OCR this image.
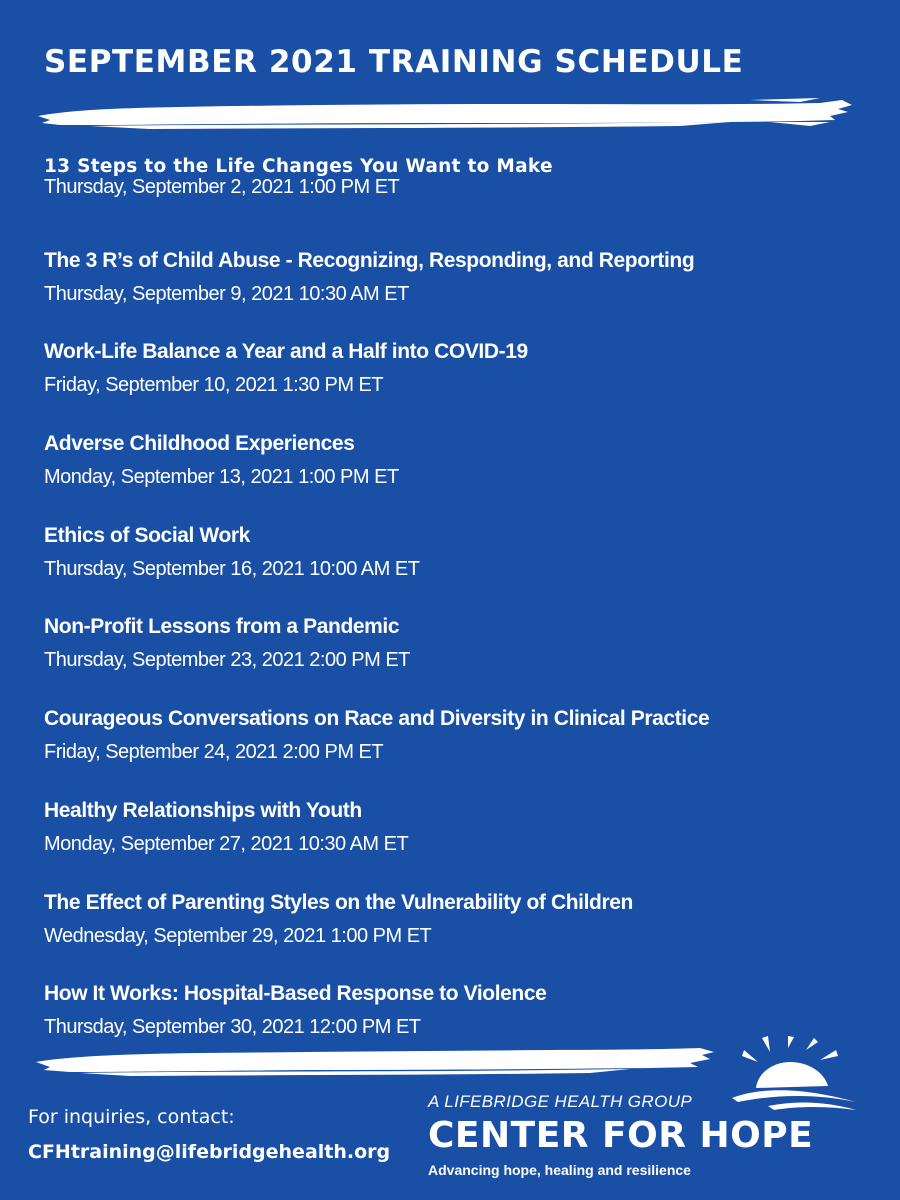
SEPTEMBER 2021 TRAINING SCHEDULE
13 Steps to the Life Changes You Want to Make
Thursday, September 2, 2021 1:00 PM ET
The 3 R’s of Child Abuse - Recognizing, Responding, and Reporting
Thursday, September 9, 2021 10:30 AM ET
Work-Life Balance a Year and a Half into COVID-19
Friday, September 10, 2021 1:30 PM ET
Adverse Childhood Experiences
Monday, September 13, 2021 1:00 PM ET
Ethics of Social Work
Thursday, September 16, 2021 10:00 AM ET
Non-Profit Lessons from a Pandemic
Thursday, September 23, 2021 2:00 PM ET
Courageous Conversations on Race and Diversity in Clinical Practice
Friday, September 24, 2021 2:00 PM ET
Healthy Relationships with Youth
Monday, September 27, 2021 10:30 AM ET
The Effect of Parenting Styles on the Vulnerability of Children
Wednesday, September 29, 2021 1:00 PM ET
How It Works: Hospital-Based Response to Violence
Thursday, September 30, 2021 12:00 PM ET
For inquiries, contact:
CFHtraining@lifebridgehealth.org
A LIFEBRIDGE HEALTH GROUP
CENTER FOR HOPE
Advancing hope, healing and resilience
